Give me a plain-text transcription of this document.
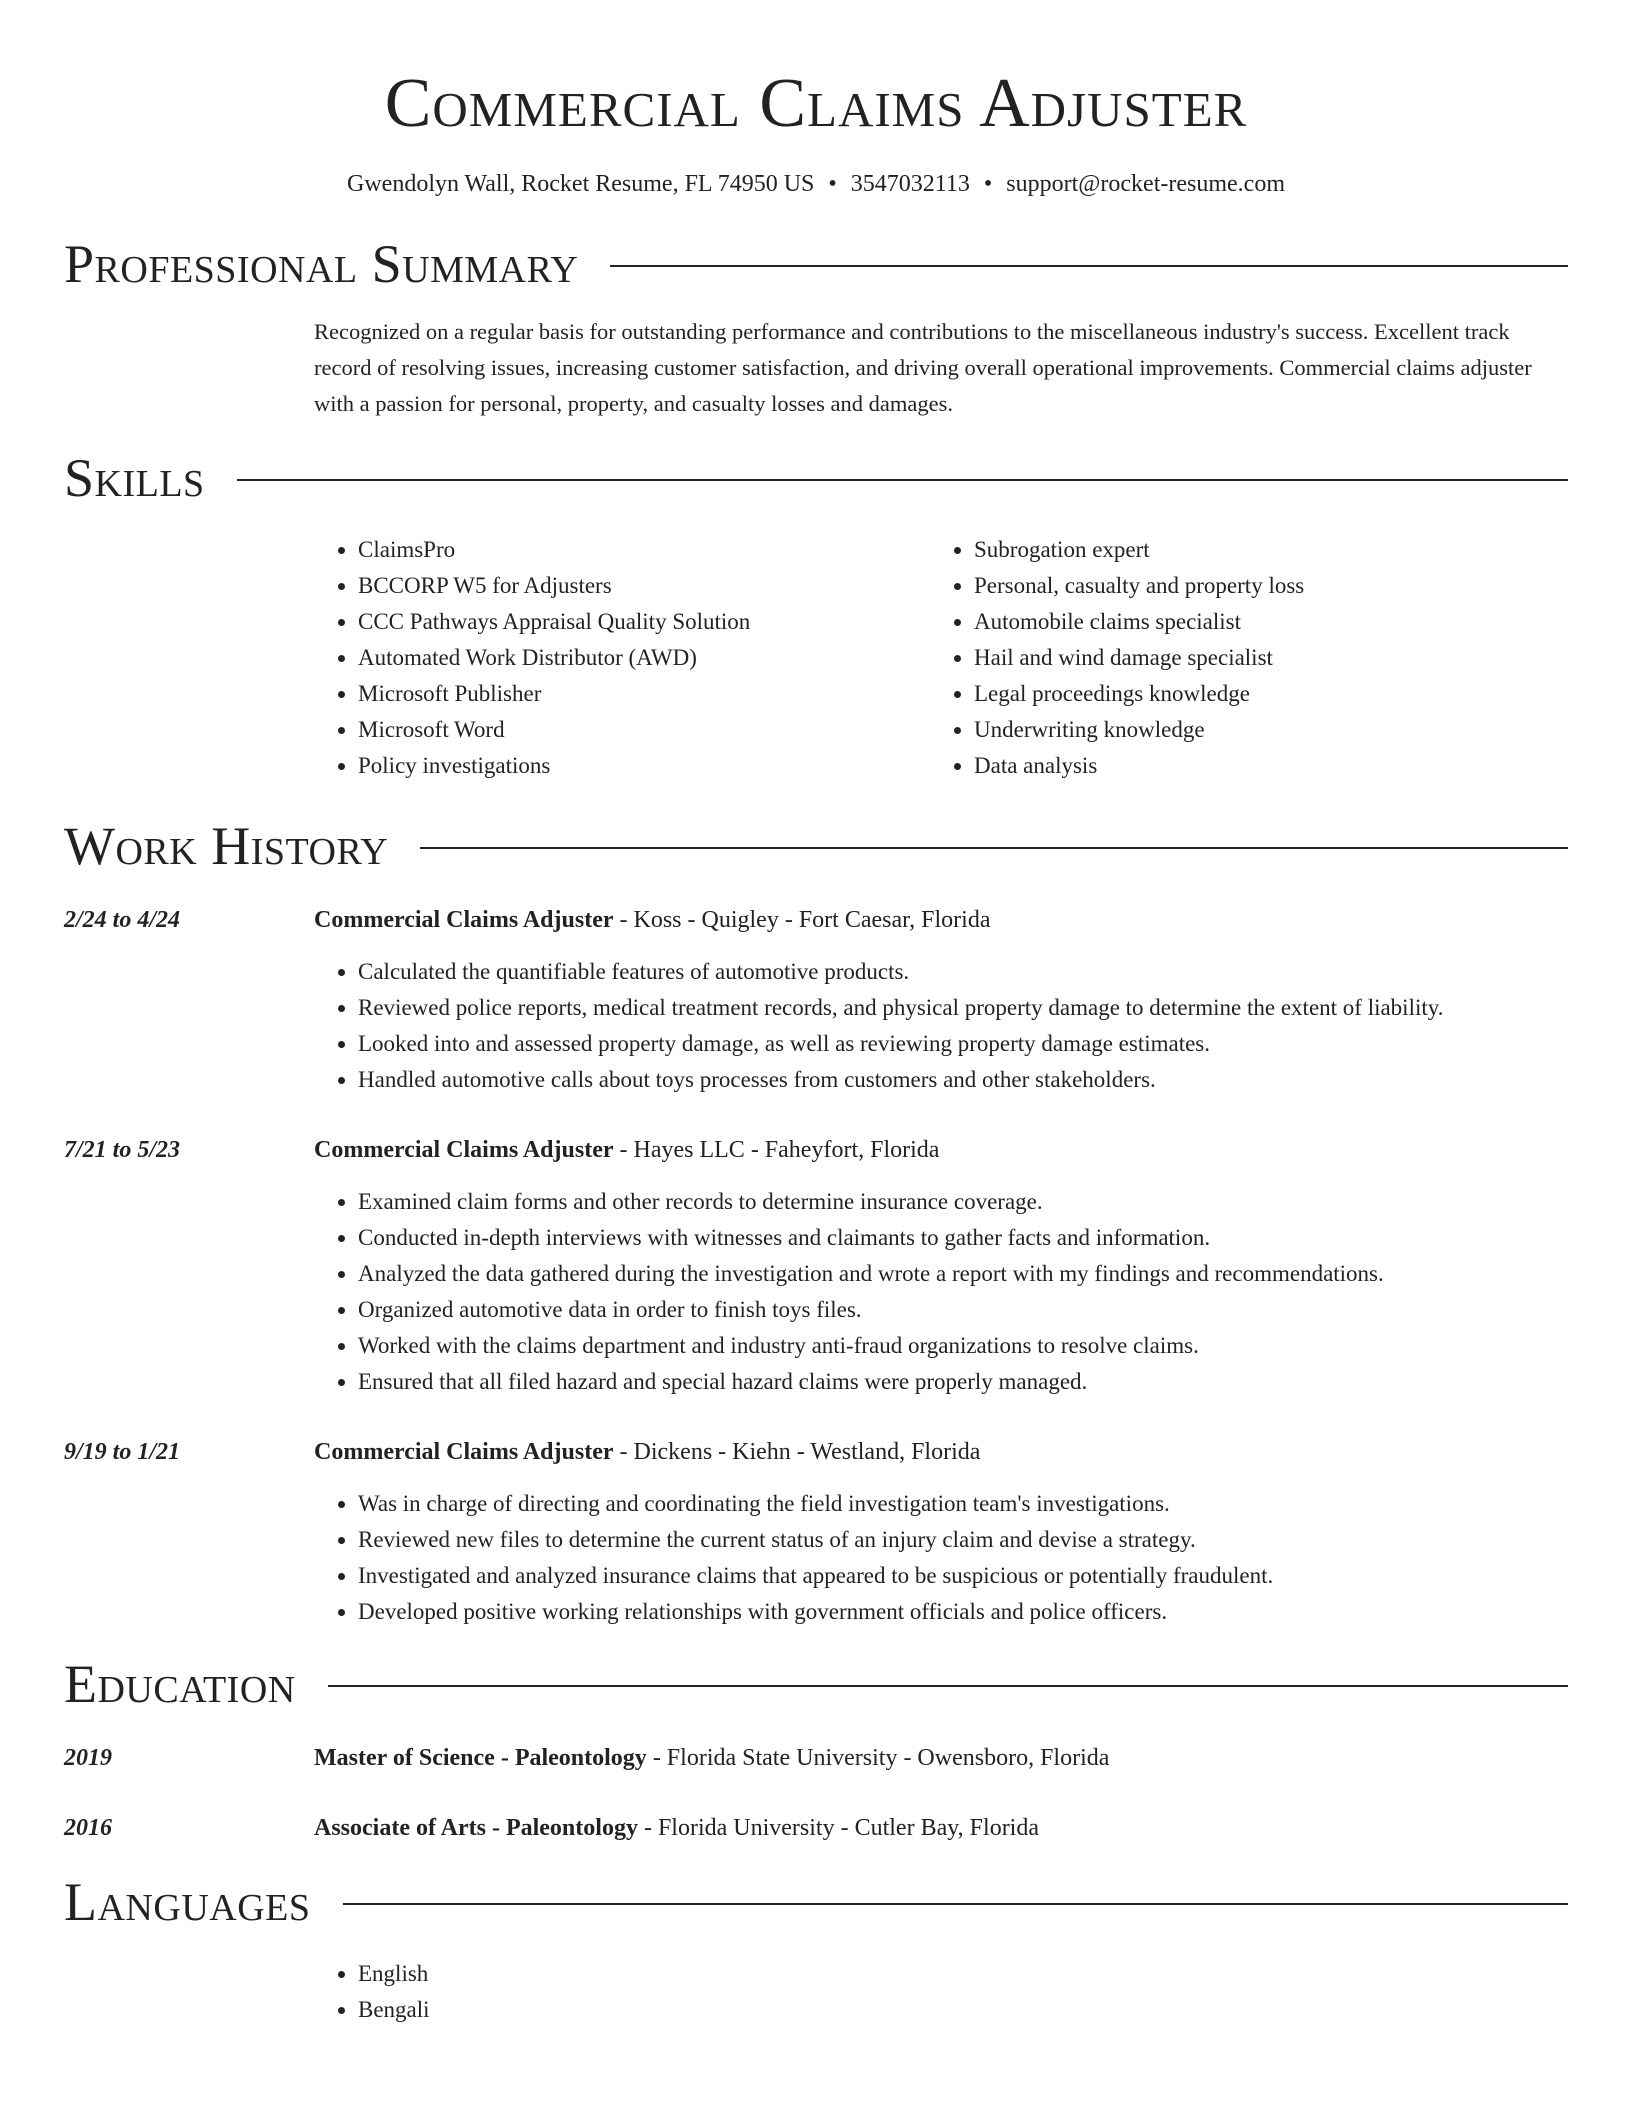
Commercial Claims Adjuster
Gwendolyn Wall, Rocket Resume, FL 74950 US • 3547032113 • support@rocket-resume.com
Professional Summary

Recognized on a regular basis for outstanding performance and contributions to the miscellaneous industry's success. Excellent track record of resolving issues, increasing customer satisfaction, and driving overall operational improvements. Commercial claims adjuster with a passion for personal, property, and casualty losses and damages.

Skills
• ClaimsPro
• BCCORP W5 for Adjusters
• CCC Pathways Appraisal Quality Solution
• Automated Work Distributor (AWD)
• Microsoft Publisher
• Microsoft Word
• Policy investigations
• Subrogation expert
• Personal, casualty and property loss
• Automobile claims specialist
• Hail and wind damage specialist
• Legal proceedings knowledge
• Underwriting knowledge
• Data analysis
Work History
2/24 to 4/24	Commercial Claims Adjuster - Koss - Quigley - Fort Caesar, Florida
• Calculated the quantifiable features of automotive products.
• Reviewed police reports, medical treatment records, and physical property damage to determine the extent of liability.
• Looked into and assessed property damage, as well as reviewing property damage estimates.
• Handled automotive calls about toys processes from customers and other stakeholders.
7/21 to 5/23	Commercial Claims Adjuster - Hayes LLC - Faheyfort, Florida
• Examined claim forms and other records to determine insurance coverage.
• Conducted in-depth interviews with witnesses and claimants to gather facts and information.
• Analyzed the data gathered during the investigation and wrote a report with my findings and recommendations.
• Organized automotive data in order to finish toys files.
• Worked with the claims department and industry anti-fraud organizations to resolve claims.
• Ensured that all filed hazard and special hazard claims were properly managed.
9/19 to 1/21	Commercial Claims Adjuster - Dickens - Kiehn - Westland, Florida
• Was in charge of directing and coordinating the field investigation team's investigations.
• Reviewed new files to determine the current status of an injury claim and devise a strategy.
• Investigated and analyzed insurance claims that appeared to be suspicious or potentially fraudulent.
• Developed positive working relationships with government officials and police officers.
Education
2019	Master of Science - Paleontology - Florida State University - Owensboro, Florida
2016	Associate of Arts - Paleontology - Florida University - Cutler Bay, Florida
Languages
• English
• Bengali
